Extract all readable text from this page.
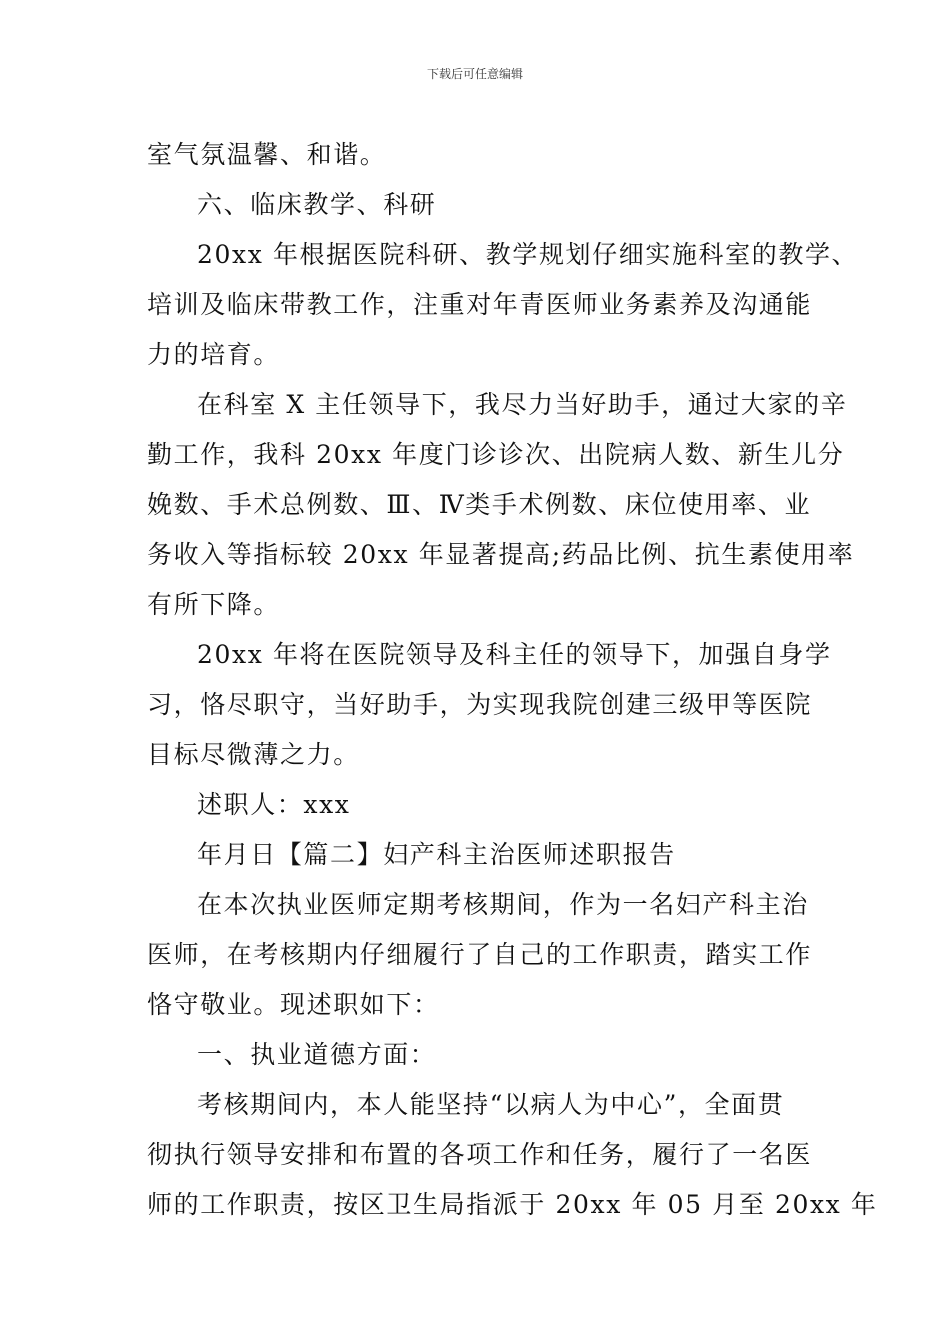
下载后可任意编辑
室气氛温馨、和谐。
六、临床教学、科研
20xx 年根据医院科研、教学规划仔细实施科室的教学、
培训及临床带教工作，注重对年青医师业务素养及沟通能
力的培育。
在科室 X 主任领导下，我尽力当好助手，通过大家的辛
勤工作，我科 20xx 年度门诊诊次、出院病人数、新生儿分
娩数、手术总例数、Ⅲ、Ⅳ类手术例数、床位使用率、业
务收入等指标较 20xx 年显著提高;药品比例、抗生素使用率
有所下降。
20xx 年将在医院领导及科主任的领导下，加强自身学
习，恪尽职守，当好助手，为实现我院创建三级甲等医院
目标尽微薄之力。
述职人：xxx
年月日【篇二】妇产科主治医师述职报告
在本次执业医师定期考核期间，作为一名妇产科主治
医师，在考核期内仔细履行了自己的工作职责，踏实工作
恪守敬业。现述职如下：
一、执业道德方面：
考核期间内，本人能坚持“以病人为中心”，全面贯
彻执行领导安排和布置的各项工作和任务，履行了一名医
师的工作职责，按区卫生局指派于 20xx 年 05 月至 20xx 年
